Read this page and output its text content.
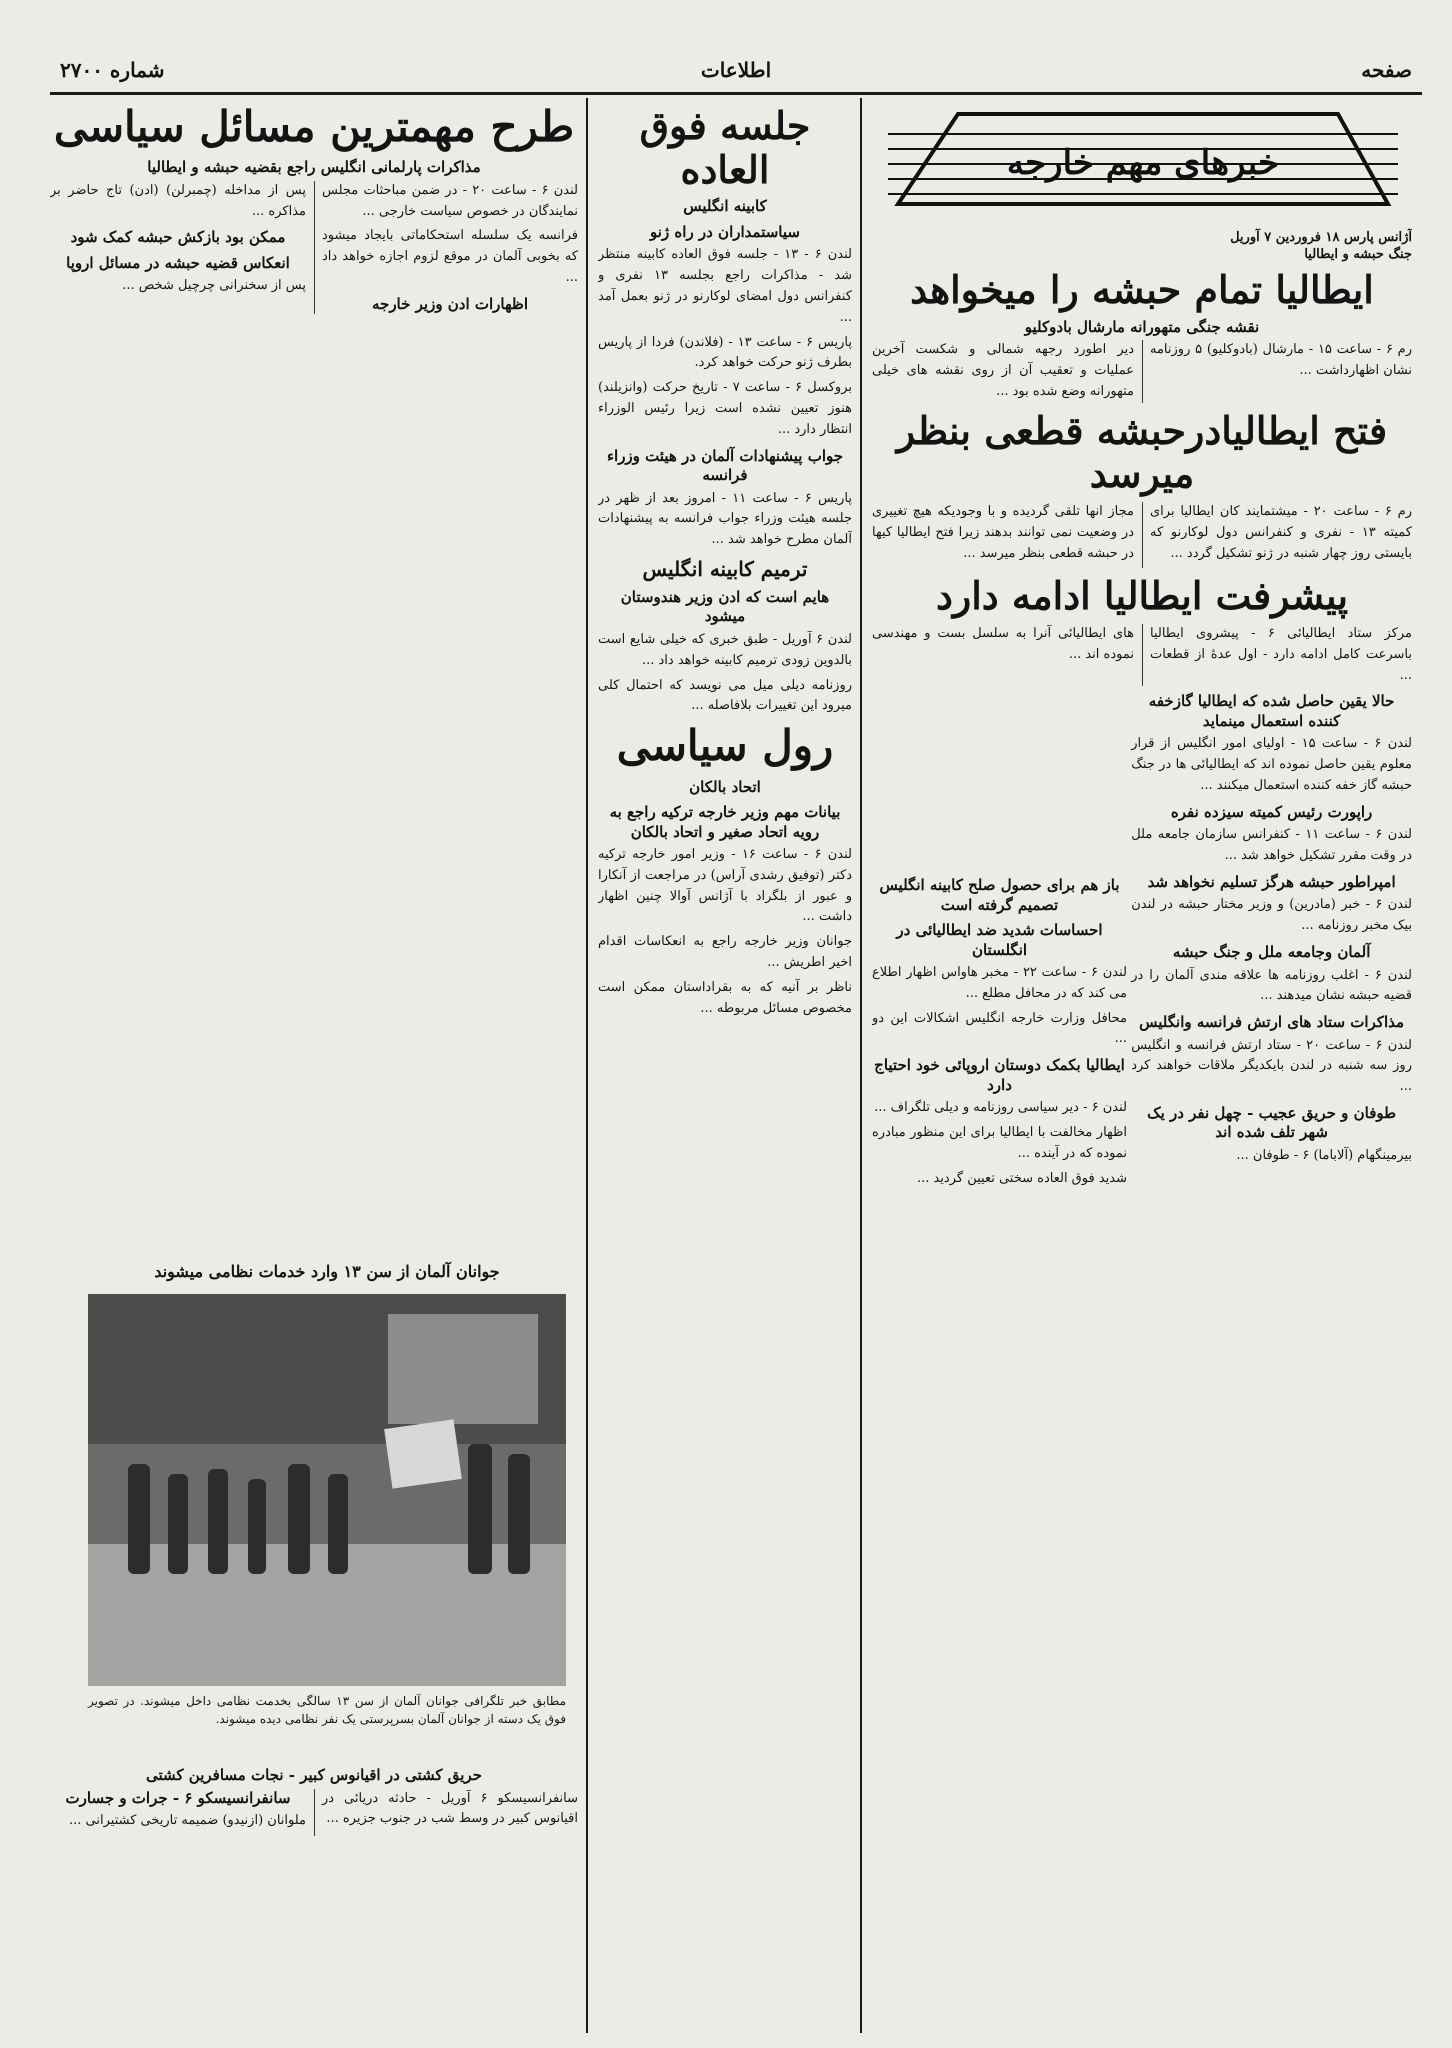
صفحه
اطلاعات
شماره ۲۷۰۰
خبرهای مهم خارجه
آژانس پارس ۱۸ فروردین ۷ آوریل
جنگ حبشه و ایطالیا
ایطالیا تمام حبشه را میخواهد
نقشه جنگی متهورانه مارشال بادوکلیو

رم ۶ - ساعت ۱۵ - مارشال (بادوکلیو) ۵ روزنامه نشان اظهارداشت ...

دیر اطورد رجهه شمالی و شکست آخرین عملیات و تعقیب آن از روی نقشه های خیلی متهورانه وضع شده بود ...

فتح ایطالیادرحبشه قطعی بنظر میرسد

رم ۶ - ساعت ۲۰ - میشتمایند کان ایطالیا برای کمیته ۱۳ - نفری و کنفرانس دول لوکارنو که بایستی روز چهار شنبه در ژنو تشکیل گردد ...

مجاز انها تلقی گردیده و با وجودیکه هیچ تغییری در وضعیت نمی توانند بدهند زیرا فتح ایطالیا کیها در حبشه قطعی بنظر میرسد ...

پیشرفت ایطالیا ادامه دارد

مرکز ستاد ایطالیائی ۶ - پیشروی ایطالیا باسرعت کامل ادامه دارد - اول عدۀ از قطعات ...

های ایطالیائی آنرا به سلسل بست و مهندسی نموده اند ...

حالا یقین حاصل شده که ایطالیا گازخفه کننده استعمال مینماید

لندن ۶ - ساعت ۱۵ - اولیای امور انگلیس از قرار معلوم یقین حاصل نموده اند که ایطالیائی ها در جنگ حبشه گاز خفه کننده استعمال میکنند ...

راپورت رئیس کمیته سیزده نفره

لندن ۶ - ساعت ۱۱ - کنفرانس سازمان جامعه ملل در وقت مقرر تشکیل خواهد شد ...

امپراطور حبشه هرگز تسلیم نخواهد شد

لندن ۶ - خبر (مادرین) و وزیر مختار حبشه در لندن بیک مخبر روزنامه ...

آلمان وجامعه ملل و جنگ حبشه

لندن ۶ - اغلب روزنامه ها علاقه مندی آلمان را در قضیه حبشه نشان میدهند ...

مذاکرات ستاد های ارتش فرانسه وانگلیس

لندن ۶ - ساعت ۲۰ - ستاد ارتش فرانسه و انگلیس روز سه شنبه در لندن بایکدیگر ملاقات خواهند کرد ...

طوفان و حریق عجیب - چهل نفر در یک شهر تلف شده اند

بیرمینگهام (آلاباما) ۶ - طوفان ...

جلسه فوق العاده
کابینه انگلیس
سیاستمداران در راه ژنو

لندن ۶ - ۱۳ - جلسه فوق العاده کابینه منتظر شد - مذاکرات راجع بجلسه ۱۳ نفری و کنفرانس دول امضای لوکارنو در ژنو بعمل آمد ...

پاریس ۶ - ساعت ۱۳ - (فلاندن) فردا از پاریس بطرف ژنو حرکت خواهد کرد.

بروکسل ۶ - ساعت ۷ - تاریخ حرکت (وانزیلند) هنوز تعیین نشده است زیرا رئیس الوزراء انتظار دارد ...

جواب پیشنهادات آلمان در هیئت وزراء فرانسه

پاریس ۶ - ساعت ۱۱ - امروز بعد از ظهر در جلسه هیئت وزراء جواب فرانسه به پیشنهادات آلمان مطرح خواهد شد ...

ترمیم کابینه انگلیس
هایم است که ادن وزیر هندوستان میشود

لندن ۶ آوریل - طبق خبری که خیلی شایع است بالدوین زودی ترمیم کابینه خواهد داد ...

روزنامه دیلی میل می نویسد که احتمال کلی میرود این تغییرات بلافاصله ...

رول سیاسی
اتحاد بالکان
بیانات مهم وزیر خارجه ترکیه راجع به رویه اتحاد صغیر و اتحاد بالکان

لندن ۶ - ساعت ۱۶ - وزیر امور خارجه ترکیه دکتر (توفیق رشدی آراس) در مراجعت از آنکارا و عبور از بلگراد با آژانس آوالا چنین اظهار داشت ...

جوانان وزیر خارجه راجع به انعکاسات اقدام اخیر اطریش ...

ناظر بر آنیه که به بقراداستان ممکن است مخصوص مسائل مربوطه ...

طرح مهمترین مسائل سیاسی
مذاکرات پارلمانی انگلیس راجع بقضیه حبشه و ایطالیا

لندن ۶ - ساعت ۲۰ - در ضمن مباحثات مجلس نمایندگان در خصوص سیاست خارجی ...

فرانسه یک سلسله استحکاماتی بایجاد میشود که بخوبی آلمان در موقع لزوم اجازه خواهد داد ...

اظهارات ادن وزیر خارجه

پس از مداخله (چمبرلن) (ادن) تاج حاضر بر مذاکره ...

ممکن بود بازکش حبشه کمک شود
انعکاس قضیه حبشه در مسائل اروپا

پس از سخنرانی چرچیل شخص ...

جوانان آلمان از سن ۱۳ وارد خدمات نظامی میشوند
مطابق خبر تلگرافی جوانان آلمان از سن ۱۳ سالگی بخدمت نظامی داخل میشوند. در تصویر فوق یک دسته از جوانان آلمان بسرپرستی یک نفر نظامی دیده میشوند.
حریق کشتی در اقیانوس کبیر - نجات مسافرین کشتی

سانفرانسیسکو ۶ آوریل - حادثه دریائی در اقیانوس کبیر در وسط شب در جنوب جزیره ...

سانفرانسیسکو ۶ - جرات و جسارت

ملوانان (ازنیدو) ضمیمه تاریخی کشتیرانی ...

باز هم برای حصول صلح کابینه انگلیس تصمیم گرفته است
احساسات شدید ضد ایطالیائی در انگلستان

لندن ۶ - ساعت ۲۲ - مخبر هاواس اظهار اطلاع می کند که در محافل مطلع ...

محافل وزارت خارجه انگلیس اشکالات این دو ...

ایطالیا بکمک دوستان اروپائی خود احتیاج دارد

لندن ۶ - دیر سیاسی روزنامه و دیلی تلگراف ...

اظهار مخالفت با ایطالیا برای این منظور مبادره نموده که در آینده ...

شدید فوق العاده سختی تعیین گردید ...
